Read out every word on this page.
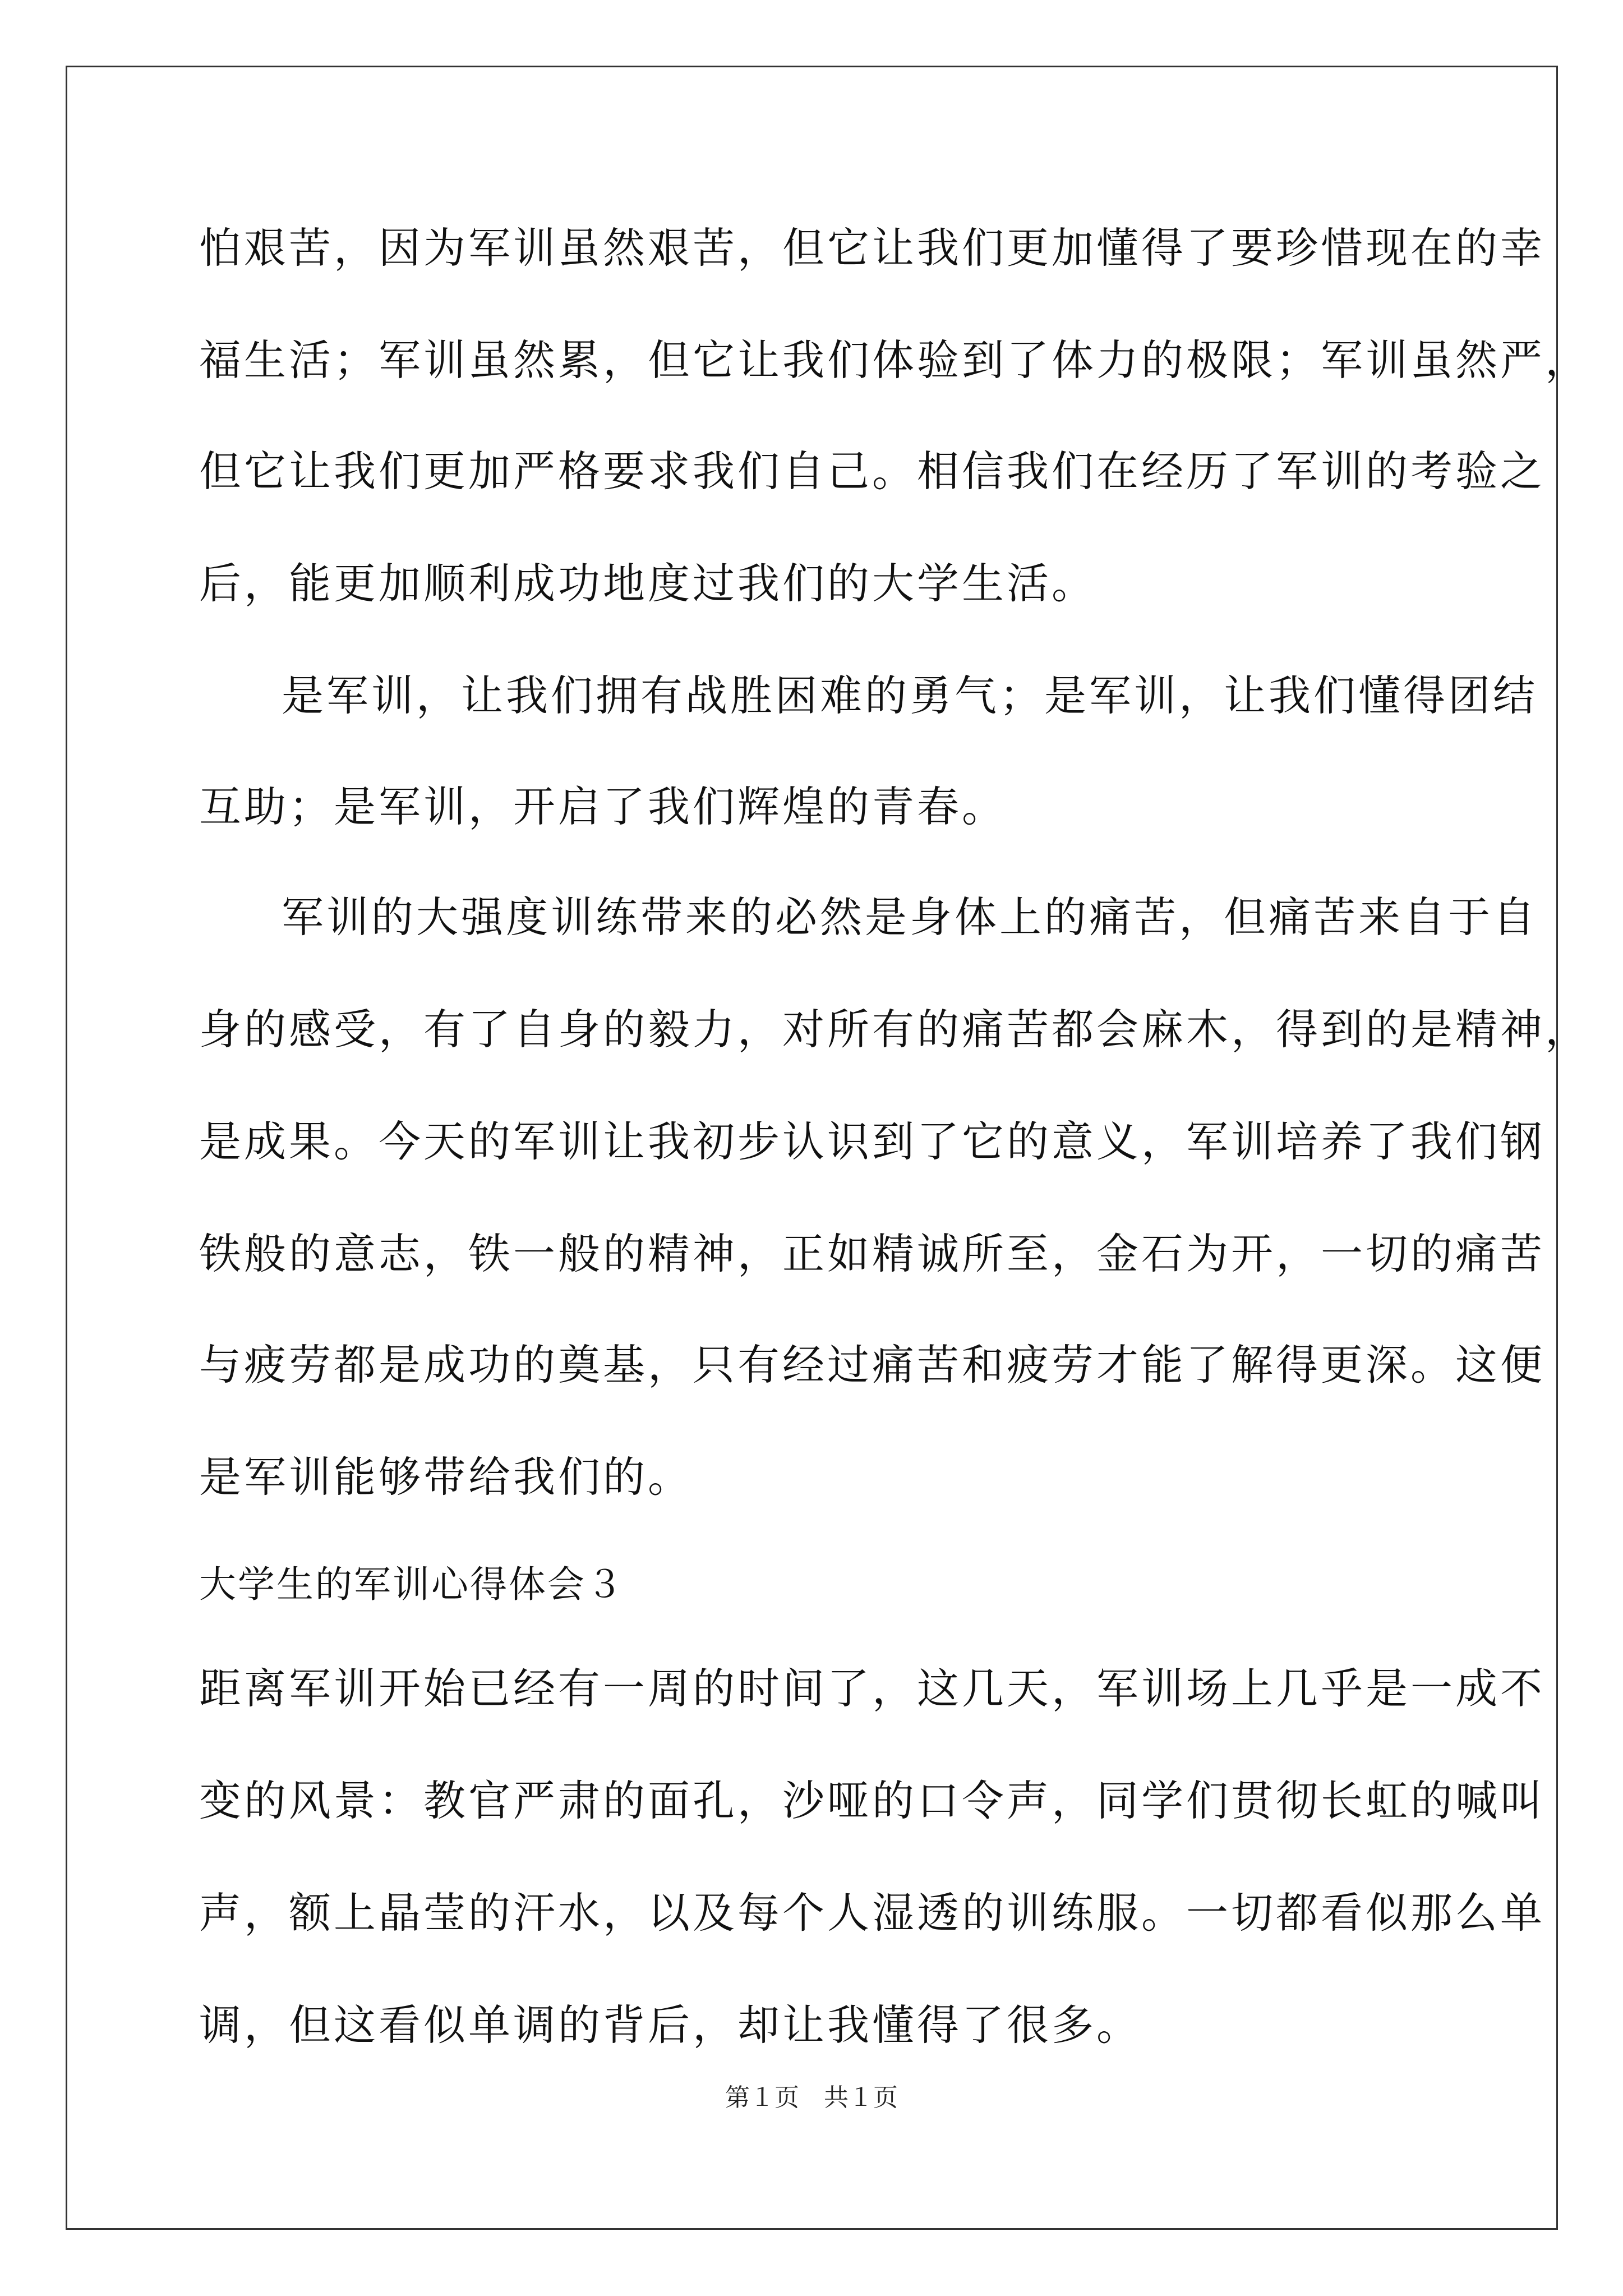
怕艰苦，因为军训虽然艰苦，但它让我们更加懂得了要珍惜现在的幸
福生活；军训虽然累，但它让我们体验到了体力的极限；军训虽然严，
但它让我们更加严格要求我们自己。相信我们在经历了军训的考验之
后，能更加顺利成功地度过我们的大学生活。
是军训，让我们拥有战胜困难的勇气；是军训，让我们懂得团结
互助；是军训，开启了我们辉煌的青春。
军训的大强度训练带来的必然是身体上的痛苦，但痛苦来自于自
身的感受，有了自身的毅力，对所有的痛苦都会麻木，得到的是精神，
是成果。今天的军训让我初步认识到了它的意义，军训培养了我们钢
铁般的意志，铁一般的精神，正如精诚所至，金石为开，一切的痛苦
与疲劳都是成功的奠基，只有经过痛苦和疲劳才能了解得更深。这便
是军训能够带给我们的。
大学生的军训心得体会３
距离军训开始已经有一周的时间了，这几天，军训场上几乎是一成不
变的风景：教官严肃的面孔，沙哑的口令声，同学们贯彻长虹的喊叫
声，额上晶莹的汗水，以及每个人湿透的训练服。一切都看似那么单
调，但这看似单调的背后，却让我懂得了很多。
第１页　共１页
